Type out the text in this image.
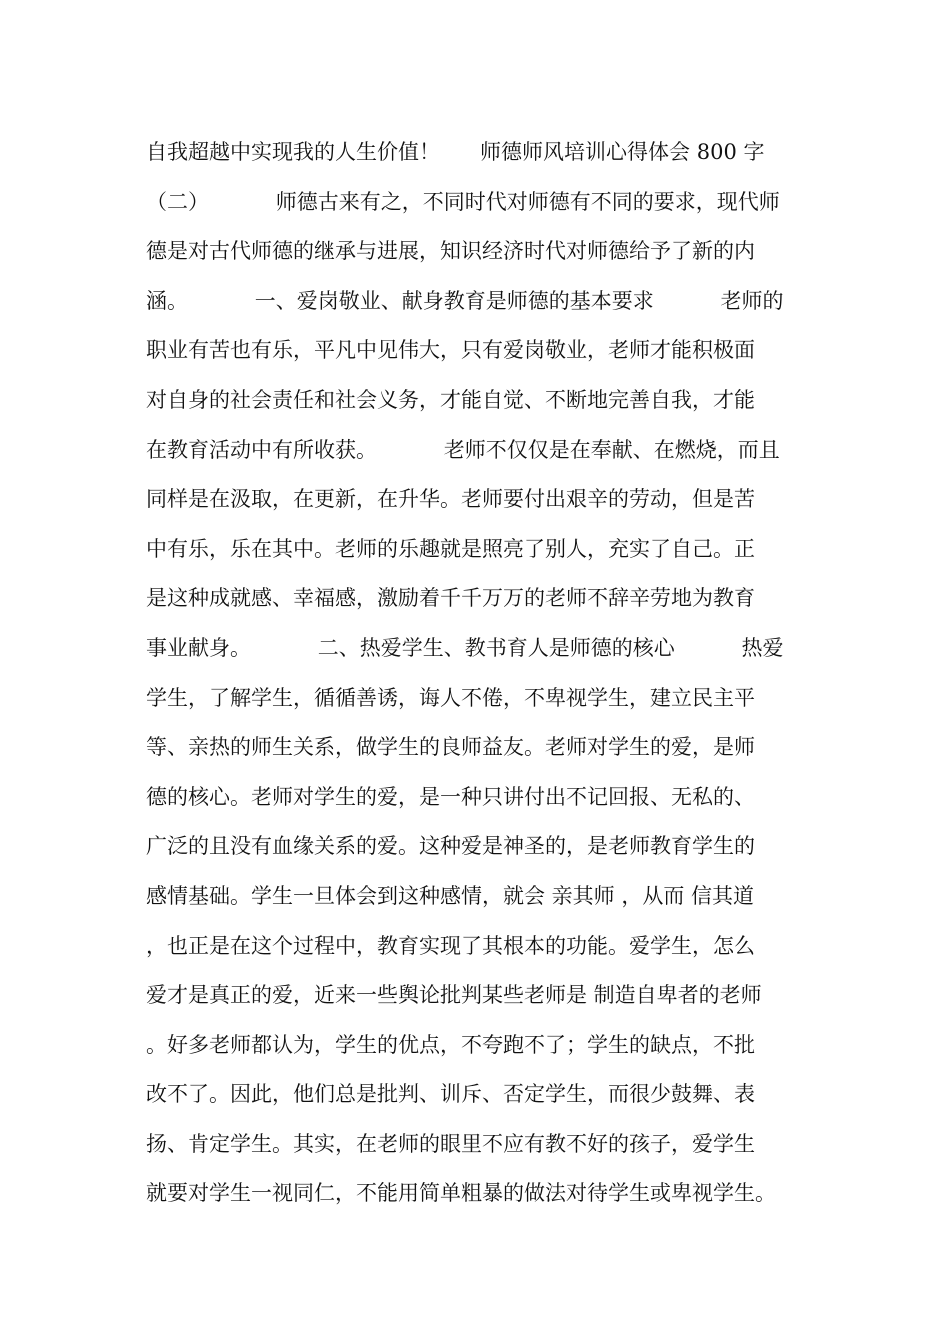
自我超越中实现我的人生价值！      师德师风培训心得体会 800 字
（二）          师德古来有之，不同时代对师德有不同的要求，现代师
德是对古代师德的继承与进展，知识经济时代对师德给予了新的内
涵。          一、爱岗敬业、献身教育是师德的基本要求          老师的
职业有苦也有乐，平凡中见伟大，只有爱岗敬业，老师才能积极面
对自身的社会责任和社会义务，才能自觉、不断地完善自我，才能
在教育活动中有所收获。          老师不仅仅是在奉献、在燃烧，而且
同样是在汲取，在更新，在升华。老师要付出艰辛的劳动，但是苦
中有乐，乐在其中。老师的乐趣就是照亮了别人，充实了自己。正
是这种成就感、幸福感，激励着千千万万的老师不辞辛劳地为教育
事业献身。          二、热爱学生、教书育人是师德的核心          热爱
学生，了解学生，循循善诱，诲人不倦，不卑视学生，建立民主平
等、亲热的师生关系，做学生的良师益友。老师对学生的爱，是师
德的核心。老师对学生的爱，是一种只讲付出不记回报、无私的、
广泛的且没有血缘关系的爱。这种爱是神圣的，是老师教育学生的
感情基础。学生一旦体会到这种感情，就会 亲其师 ，从而 信其道
，也正是在这个过程中，教育实现了其根本的功能。爱学生，怎么
爱才是真正的爱，近来一些舆论批判某些老师是 制造自卑者的老师
。好多老师都认为，学生的优点，不夸跑不了；学生的缺点，不批
改不了。因此，他们总是批判、训斥、否定学生，而很少鼓舞、表
扬、肯定学生。其实，在老师的眼里不应有教不好的孩子，爱学生
就要对学生一视同仁，不能用简单粗暴的做法对待学生或卑视学生。
